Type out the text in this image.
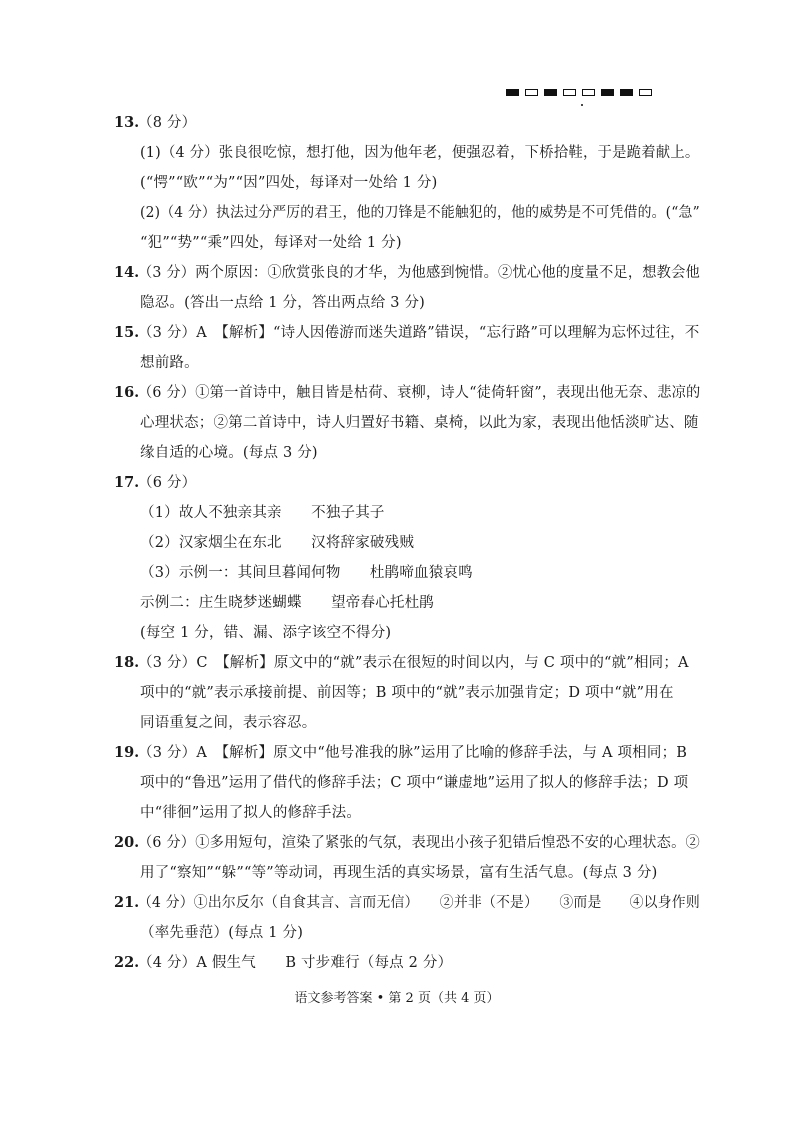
13.
（8 分）
(1)（4 分）张良很吃惊，想打他，因为他年老，便强忍着，下桥拾鞋，于是跪着献上。
(“愕”“欧”“为”“因”四处，每译对一处给 1 分)
(2)（4 分）执法过分严厉的君王，他的刀锋是不能触犯的，他的威势是不可凭借的。(“急”
“犯”“势”“乘”四处，每译对一处给 1 分)
14.
（3 分）两个原因：①欣赏张良的才华，为他感到惋惜。②忧心他的度量不足，想教会他
隐忍。(答出一点给 1 分，答出两点给 3 分)
15.
（3 分）A　【解析】“诗人因倦游而迷失道路”错误，“忘行路”可以理解为忘怀过往，不
想前路。
16.
（6 分）①第一首诗中，触目皆是枯荷、衰柳，诗人“徒倚轩窗”，表现出他无奈、悲凉的
心理状态；②第二首诗中，诗人归置好书籍、桌椅，以此为家，表现出他恬淡旷达、随
缘自适的心境。(每点 3 分)
17.
（6 分）
（1）故人不独亲其亲　　不独子其子
（2）汉家烟尘在东北　　汉将辞家破残贼
（3）示例一：其间旦暮闻何物　　杜鹃啼血猿哀鸣
示例二：庄生晓梦迷蝴蝶　　望帝春心托杜鹃
(每空 1 分，错、漏、添字该空不得分)
18.
（3 分）C　【解析】原文中的“就”表示在很短的时间以内，与 C 项中的“就”相同；A
项中的“就”表示承接前提、前因等；B 项中的“就”表示加强肯定；D 项中“就”用在
同语重复之间，表示容忍。
19.
（3 分）A　【解析】原文中“他号准我的脉”运用了比喻的修辞手法，与 A 项相同；B
项中的“鲁迅”运用了借代的修辞手法；C 项中“谦虚地”运用了拟人的修辞手法；D 项
中“徘徊”运用了拟人的修辞手法。
20.
（6 分）①多用短句，渲染了紧张的气氛，表现出小孩子犯错后惶恐不安的心理状态。②
用了“察知”“躲”“等”等动词，再现生活的真实场景，富有生活气息。(每点 3 分)
21.
（4 分）①出尔反尔（自食其言、言而无信）　　②并非（不是）　　③而是　　④以身作则
（率先垂范）(每点 1 分)
22.
（4 分）A 假生气　　B 寸步难行（每点 2 分）
语文参考答案 • 第 2 页（共 4 页）
